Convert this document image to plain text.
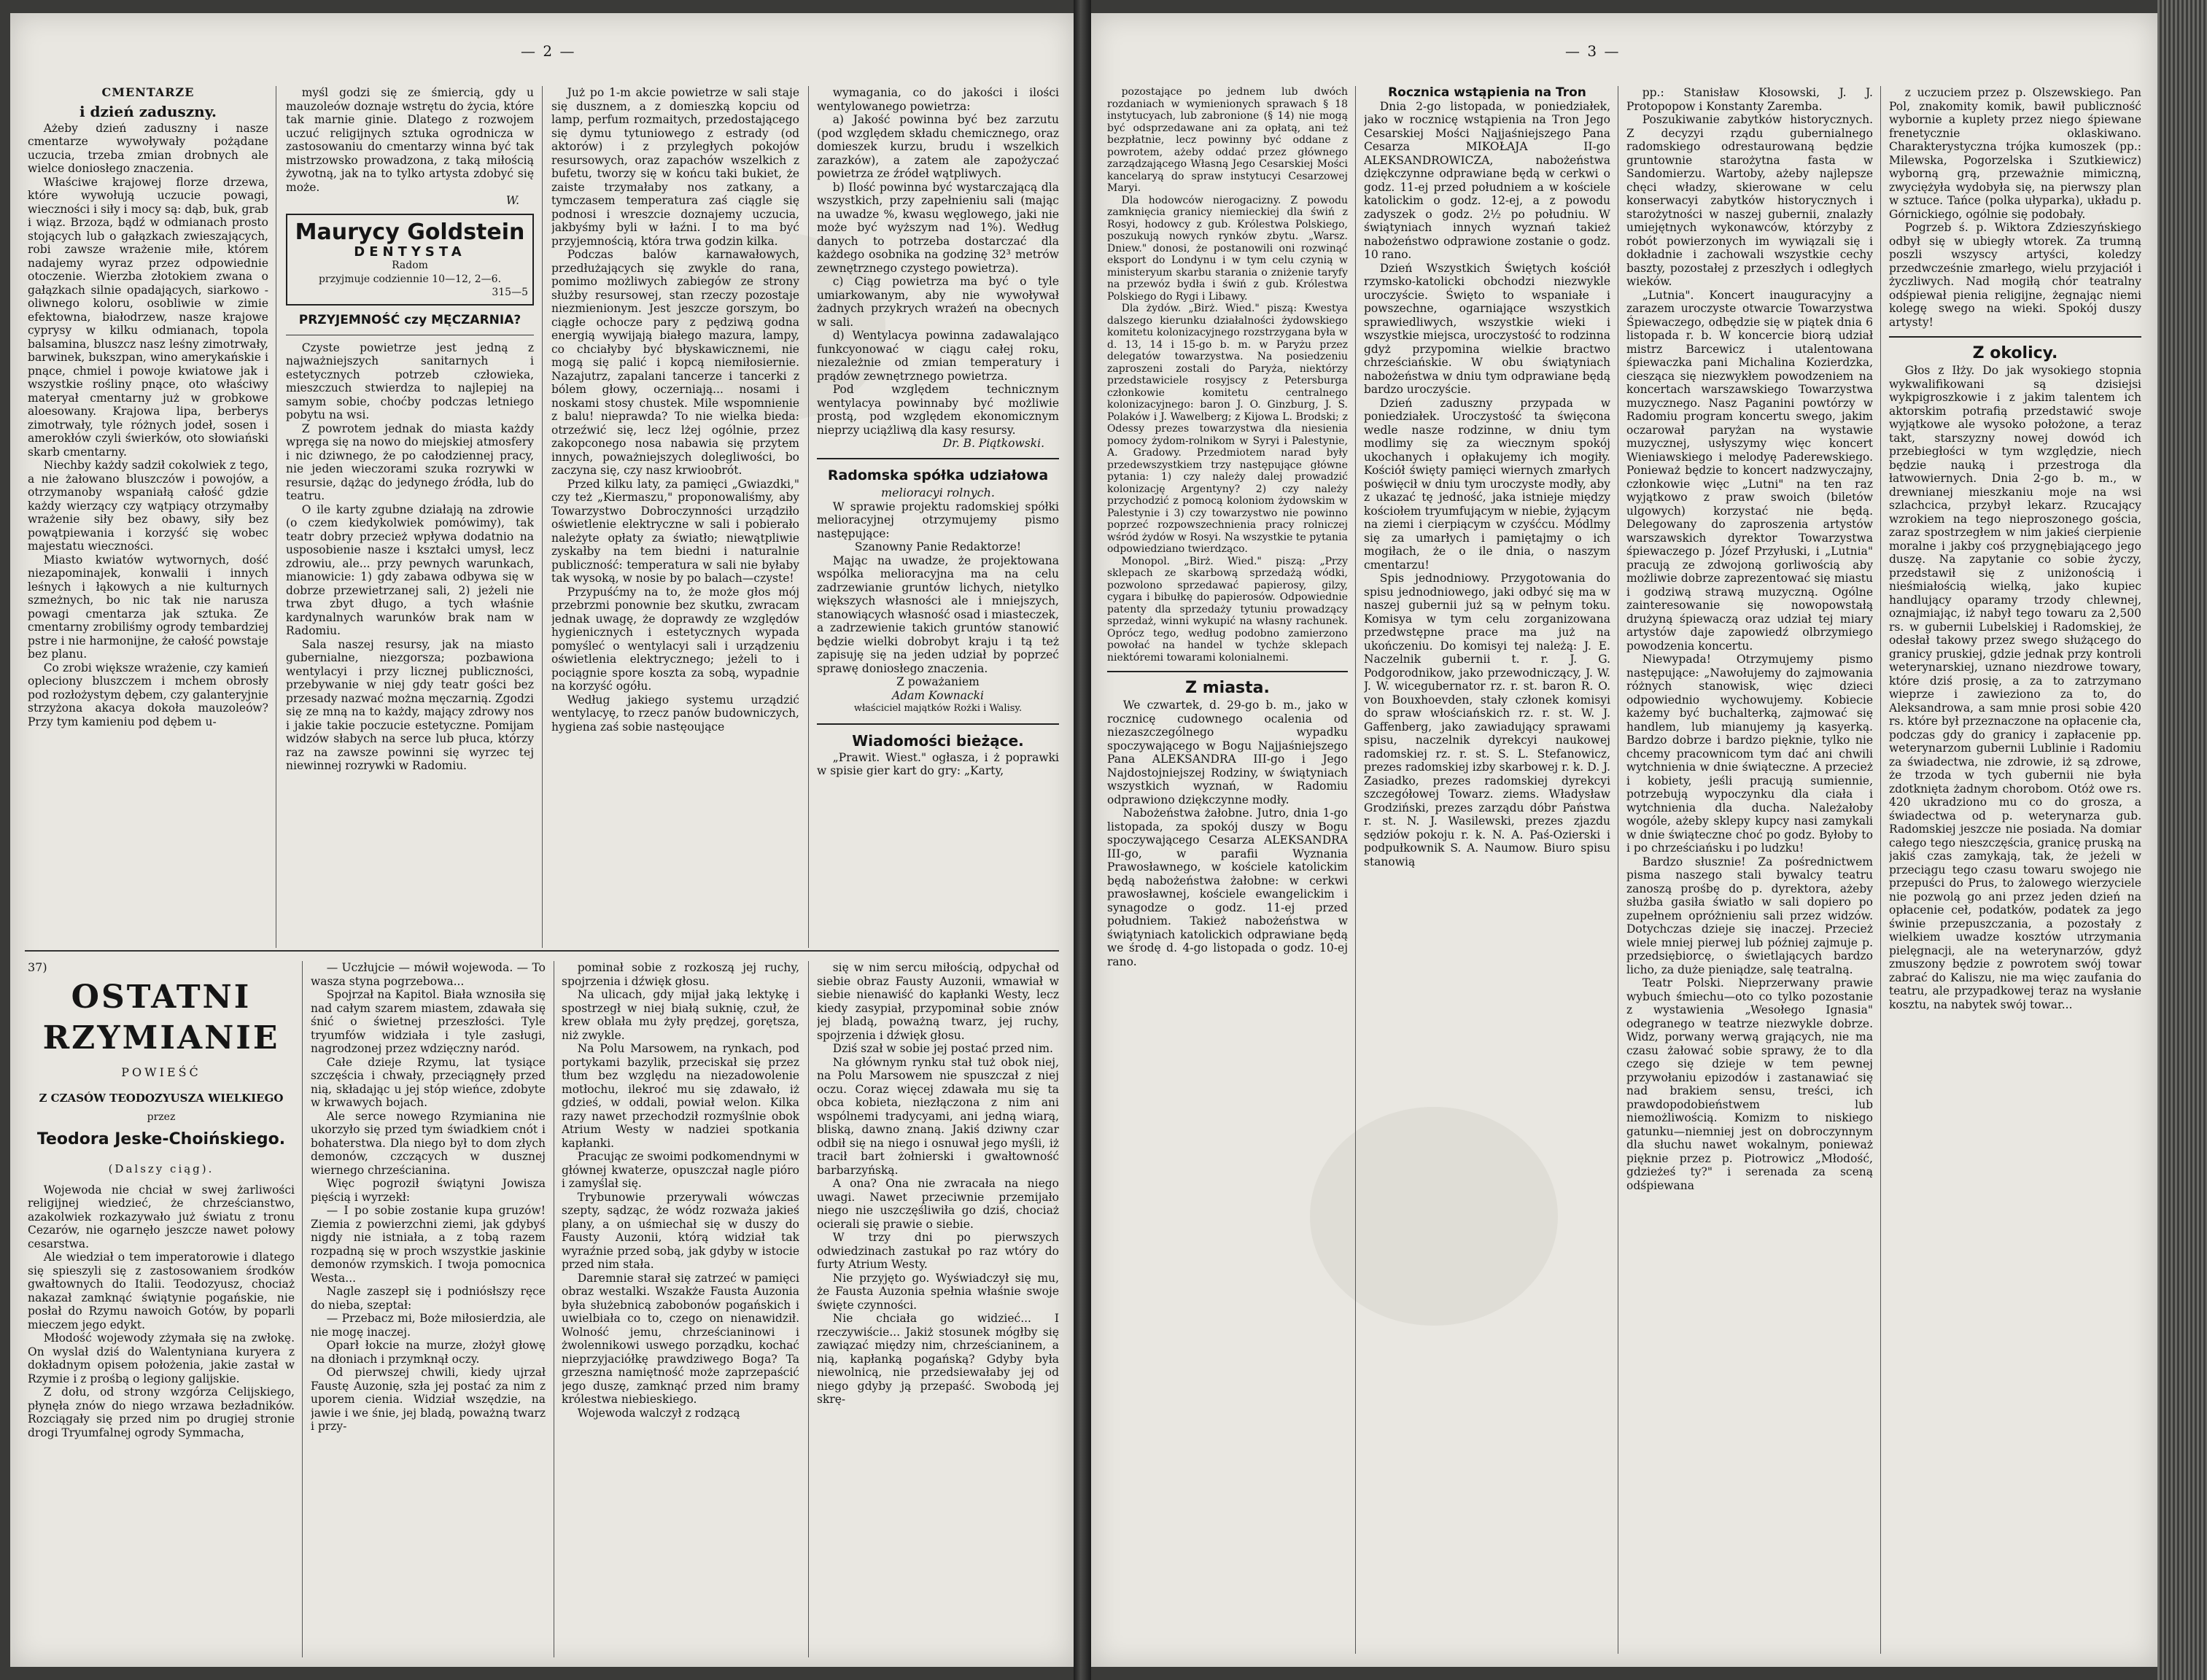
— 2 —
CMENTARZE
i dzień zaduszny.

Ażeby dzień zaduszny i nasze cmentarze wywoływały pożądane uczucia, trzeba zmian drobnych ale wielce doniosłego znaczenia.

Właściwe krajowej florze drzewa, które wywołują uczucie powagi, wieczności i siły i mocy są: dąb, buk, grab i wiąz. Brzoza, bądź w odmianach prosto stojących lub o gałązkach zwieszających, robi zawsze wrażenie miłe, którem nadajemy wyraz przez odpowiednie otoczenie. Wierzba złotokiem zwana o gałązkach silnie opadających, siarkowo - oliwnego koloru, osobliwie w zimie efektowna, białodrzew, nasze krajowe cyprysy w kilku odmianach, topola balsamina, bluszcz nasz leśny zimotrwały, barwinek, bukszpan, wino amerykańskie i pnące, chmiel i powoje kwiatowe jak i wszystkie rośliny pnące, oto właściwy materyał cmentarny już w grobkowe aloesowany. Krajowa lipa, berberys zimotrwały, tyle różnych jodeł, sosen i amerokłów czyli świerków, oto słowiański skarb cmentarny.

Niechby każdy sadził cokolwiek z tego, a nie żałowano bluszczów i powojów, a otrzymanoby wspaniałą całość gdzie każdy wierzący czy wątpiący otrzymałby wrażenie siły bez obawy, siły bez powątpiewania i korzyść się wobec majestatu wieczności.

Miasto kwiatów wytwornych, dość niezapominajek, konwalii i innych leśnych i łąkowych a nie kulturnych szmeżnych, bo nic tak nie narusza powagi cmentarza jak sztuka. Ze cmentarny zrobiliśmy ogrody tembardziej pstre i nie harmonijne, że całość powstaje bez planu.

Co zrobi większe wrażenie, czy kamień opleciony bluszczem i mchem obrosły pod rozłożystym dębem, czy galanteryjnie strzyżona akacya dokoła mauzoleów? Przy tym kamieniu pod dębem u-

myśl godzi się ze śmiercią, gdy u mauzoleów doznaje wstrętu do życia, które tak marnie ginie. Dlatego z rozwojem uczuć religijnych sztuka ogrodnicza w zastosowaniu do cmentarzy winna być tak mistrzowsko prowadzona, z taką miłością żywotną, jak na to tylko artysta zdobyć się może.

W.
Maurycy Goldstein
DENTYSTA
Radom
przyjmuje codziennie 10—12, 2—6.
315—5
PRZYJEMNOŚĆ czy MĘCZARNIA?

Czyste powietrze jest jedną z najważniejszych sanitarnych i estetycznych potrzeb człowieka, mieszczuch stwierdza to najlepiej na samym sobie, choćby podczas letniego pobytu na wsi.

Z powrotem jednak do miasta każdy wpręga się na nowo do miejskiej atmosfery i nic dziwnego, że po całodziennej pracy, nie jeden wieczorami szuka rozrywki w resursie, dążąc do jedynego źródła, lub do teatru.

O ile karty zgubne działają na zdrowie (o czem kiedykolwiek pomówimy), tak teatr dobry przecież wpływa dodatnio na usposobienie nasze i kształci umysł, lecz zdrowiu, ale... przy pewnych warunkach, mianowicie: 1) gdy zabawa odbywa się w dobrze przewietrzanej sali, 2) jeżeli nie trwa zbyt długo, a tych właśnie kardynalnych warunków brak nam w Radomiu.

Sala naszej resursy, jak na miasto gubernialne, niezgorsza; pozbawiona wentylacyi i przy licznej publiczności, przebywanie w niej gdy teatr gości bez przesady nazwać można męczarnią. Zgodzi się ze mną na to każdy, mający zdrowy nos i jakie takie poczucie estetyczne. Pomijam widzów słabych na serce lub płuca, którzy raz na zawsze powinni się wyrzec tej niewinnej rozrywki w Radomiu.

Już po 1-m akcie powietrze w sali staje się dusznem, a z domieszką kopciu od lamp, perfum rozmaitych, przedostającego się dymu tytuniowego z estrady (od aktorów) i z przyległych pokojów resursowych, oraz zapachów wszelkich z bufetu, tworzy się w końcu taki bukiet, że zaiste trzymałaby nos zatkany, a tymczasem temperatura zaś ciągle się podnosi i wreszcie doznajemy uczucia, jakbyśmy byli w łaźni. I to ma być przyjemnością, która trwa godzin kilka.

Podczas balów karnawałowych, przedłużających się zwykle do rana, pomimo możliwych zabiegów ze strony służby resursowej, stan rzeczy pozostaje niezmienionym. Jest jeszcze gorszym, bo ciągłe ochocze pary z pędziwą godna energią wywijają białego mazura, lampy, co chciałyby być błyskawicznemi, nie mogą się palić i kopcą niemiłosiernie. Nazajutrz, zapalani tancerze i tancerki z bólem głowy, oczerniają... nosami i noskami stosy chustek. Mile wspomnienie z balu! nieprawda? To nie wielka bieda: otrzeźwić się, lecz lżej ogólnie, przez zakopconego nosa nabawia się przytem innych, poważniejszych dolegliwości, bo zaczyna się, czy nasz krwioobrót.

Przed kilku laty, za pamięci „Gwiazdki," czy też „Kiermaszu," proponowaliśmy, aby Towarzystwo Dobroczynności urządziło oświetlenie elektryczne w sali i pobierało należyte opłaty za światło; niewątpliwie zyskałby na tem biedni i naturalnie publiczność: temperatura w sali nie byłaby tak wysoką, w nosie by po balach—czyste!

Przypuśćmy na to, że może głos mój przebrzmi ponownie bez skutku, zwracam jednak uwagę, że doprawdy ze względów hygienicznych i estetycznych wypada pomyśleć o wentylacyi sali i urządzeniu oświetlenia elektrycznego; jeżeli to i pociągnie spore koszta za sobą, wypadnie na korzyść ogółu.

Według jakiego systemu urządzić wentylacyę, to rzecz panów budowniczych, hygiena zaś sobie nastęoujące

wymagania, co do jakości i ilości wentylowanego powietrza:

a) Jakość powinna być bez zarzutu (pod względem składu chemicznego, oraz domieszek kurzu, brudu i wszelkich zarazków), a zatem ale zapożyczać powietrza ze źródeł wątpliwych.

b) Ilość powinna być wystarczającą dla wszystkich, przy zapełnieniu sali (mając na uwadze %, kwasu węglowego, jaki nie może być wyższym nad 1%). Według danych to potrzeba dostarczać dla każdego osobnika na godzinę 32³ metrów zewnętrznego czystego powietrza).

c) Ciąg powietrza ma być o tyle umiarkowanym, aby nie wywoływał żadnych przykrych wrażeń na obecnych w sali.

d) Wentylacya powinna zadawalająco funkcyonować w ciągu całej roku, niezależnie od zmian temperatury i prądów zewnętrznego powietrza.

Pod względem technicznym wentylacya powinnaby być możliwie prostą, pod względem ekonomicznym nieprzy uciążliwą dla kasy resursy.

Dr. B. Piątkowski.
Radomska spółka udziałowa
melioracyi rolnych.

W sprawie projektu radomskiej spółki melioracyjnej otrzymujemy pismo następujące:

Szanowny Panie Redaktorze!

Mając na uwadze, że projektowana wspólka melioracyjna ma na celu zadrzewianie gruntów lichych, nietylko większych własności ale i mniejszych, stanowiących własność osad i miasteczek, a zadrzewienie takich gruntów stanowić będzie wielki dobrobyt kraju i tą też zapisuję się na jeden udział by poprzeć sprawę doniosłego znaczenia.

Z poważaniem

Adam Kownacki

właściciel majątków Rożki i Walisy.

Wiadomości bieżące.

„Prawit. Wiest." ogłasza, i ż poprawki w spisie gier kart do gry: „Karty,

37)
OSTATNI RZYMIANIE
POWIEŚĆ
Z CZASÓW TEODOZYUSZA WIELKIEGO
przez
Teodora Jeske-Choińskiego.
(Dalszy ciąg).

Wojewoda nie chciał w swej żarliwości religijnej wiedzieć, że chrześcianstwo, azakolwiek rozkazywało już światu z tronu Cezarów, nie ogarnęło jeszcze nawet połowy cesarstwa.

Ale wiedział o tem imperatorowie i dlatego się spieszyli się z zastosowaniem środków gwałtownych do Italii. Teodozyusz, chociaż nakazał zamknąć świątynie pogańskie, nie posłał do Rzymu nawoich Gotów, by poparli mieczem jego edykt.

Młodość wojewody zżymała się na zwłokę. On wyslał dziś do Walentyniana kuryera z dokładnym opisem położenia, jakie zastał w Rzymie i z prośbą o legiony galijskie.

Z dołu, od strony wzgórza Celijskiego, płynęła znów do niego wrzawa bezładników. Rozciągały się przed nim po drugiej stronie drogi Tryumfalnej ogrody Symmacha,

— Uczłujcie — mówił wojewoda. — To wasza styna pogrzebowa...

Spojrzał na Kapitol. Biała wznosiła się nad całym szarem miastem, zdawała się śnić o świetnej przeszłości. Tyle tryumfów widziała i tyle zasługi, nagrodzonej przez wdzięczny naród.

Całe dzieje Rzymu, lat tysiące szczęścia i chwały, przeciągnęły przed nią, składając u jej stóp wieńce, zdobyte w krwawych bojach.

Ale serce nowego Rzymianina nie ukorzyło się przed tym świadkiem cnót i bohaterstwa. Dla niego był to dom złych demonów, czczących w dusznej wiernego chrześcianina.

Więc pogroził świątyni Jowisza pięścią i wyrzekł:

— I po sobie zostanie kupa gruzów! Ziemia z powierzchni ziemi, jak gdybyś nigdy nie istniała, a z tobą razem rozpadną się w proch wszystkie jaskinie demonów rzymskich. I twoja pomocnica Westa...

Nagle zaszepł się i podniósłszy ręce do nieba, szeptał:

— Przebacz mi, Boże miłosierdzia, ale nie mogę inaczej.

Oparł łokcie na murze, złożył głowę na dłoniach i przymknął oczy.

Od pierwszej chwili, kiedy ujrzał Faustę Auzonię, szła jej postać za nim z uporem cienia. Widział wszędzie, na jawie i we śnie, jej bladą, poważną twarz i przy-

pominał sobie z rozkoszą jej ruchy, spojrzenia i dźwięk głosu.

Na ulicach, gdy mijał jaką lektykę i spostrzegł w niej białą suknię, czuł, że krew oblała mu żyły prędzej, gorętsza, niż zwykle.

Na Polu Marsowem, na rynkach, pod portykami bazylik, przeciskał się przez tłum bez względu na niezadowolenie motłochu, ilekroć mu się zdawało, iż gdzieś, w oddali, powiał welon. Kilka razy nawet przechodził rozmyślnie obok Atrium Westy w nadziei spotkania kapłanki.

Pracując ze swoimi podkomendnymi w głównej kwaterze, opuszczał nagle pióro i zamyślał się.

Trybunowie przerywali wówczas szepty, sądząc, że wódz rozważa jakieś plany, a on uśmiechał się w duszy do Fausty Auzonii, którą widział tak wyraźnie przed sobą, jak gdyby w istocie przed nim stała.

Daremnie starał się zatrzeć w pamięci obraz westalki. Wszakże Fausta Auzonia była służebnicą zabobonów pogańskich i uwielbiała co to, czego on nienawidził. Wolność jemu, chrześcianinowi i żwolennikowi uswego porządku, kochać nieprzyjaciółkę prawdziwego Boga? Ta grzeszna namiętność może zaprzepaścić jego duszę, zamknąć przed nim bramy królestwa niebieskiego.

Wojewoda walczył z rodzącą

się w nim sercu miłością, odpychał od siebie obraz Fausty Auzonii, wmawiał w siebie nienawiść do kapłanki Westy, lecz kiedy zasypiał, przypominał sobie znów jej bladą, poważną twarz, jej ruchy, spojrzenia i dźwięk głosu.

Dziś szał w sobie jej postać przed nim.

Na głównym rynku stał tuż obok niej, na Polu Marsowem nie spuszczał z niej oczu. Coraz więcej zdawała mu się ta obca kobieta, niezłączona z nim ani wspólnemi tradycyami, ani jedną wiarą, bliską, dawno znaną. Jakiś dziwny czar odbił się na niego i osnuwał jego myśli, iż tracił bart żołnierski i gwałtowność barbarzyńską.

A ona? Ona nie zwracała na niego uwagi. Nawet przeciwnie przemijało niego nie uszczęśliwiła go dziś, chociaż ocierali się prawie o siebie.

W trzy dni po pierwszych odwiedzinach zastukał po raz wtóry do furty Atrium Westy.

Nie przyjęto go. Wyświadczył się mu, że Fausta Auzonia spełnia właśnie swoje święte czynności.

Nie chciała go widzieć... I rzeczywiście... Jakiż stosunek mógłby się zawiązać między nim, chrześcianinem, a nią, kapłanką pogańską? Gdyby była niewolnicą, nie przedsiewałaby jej od niego gdyby ją przepaść. Swobodą jej skrę-

— 3 —

pozostające po jednem lub dwóch rozdaniach w wymienionych sprawach § 18 instytucyach, lub zabronione (§ 14) nie mogą być odsprzedawane ani za opłatą, ani też bezpłatnie, lecz powinny być oddane z powrotem, ażeby oddać przez głównego zarządzającego Własną Jego Cesarskiej Mości kancelaryą do spraw instytucyi Cesarzowej Maryi.

Dla hodowców nierogacizny. Z powodu zamknięcia granicy niemieckiej dla świń z Rosyi, hodowcy z gub. Królestwa Polskiego, poszukują nowych rynków zbytu. „Warsz. Dniew." donosi, że postanowili oni rozwinąć eksport do Londynu i w tym celu czynią w ministeryum skarbu starania o zniżenie taryfy na przewóz bydła i świń z gub. Królestwa Polskiego do Rygi i Libawy.

Dla żydów. „Birż. Wied." piszą: Kwestya dalszego kierunku działalności żydowskiego komitetu kolonizacyjnego rozstrzygana była w d. 13, 14 i 15-go b. m. w Paryżu przez delegatów towarzystwa. Na posiedzeniu zaproszeni zostali do Paryża, niektórzy przedstawiciele rosyjscy z Petersburga członkowie komitetu centralnego kolonizacyjnego: baron J. O. Ginzburg, J. S. Polaków i J. Wawelberg; z Kijowa L. Brodski; z Odessy prezes towarzystwa dla niesienia pomocy żydom-rolnikom w Syryi i Palestynie, A. Gradowy. Przedmiotem narad były przedewszystkiem trzy następujące główne pytania: 1) czy należy dalej prowadzić kolonizację Argentyny? 2) czy należy przychodzić z pomocą koloniom żydowskim w Palestynie i 3) czy towarzystwo nie powinno poprzeć rozpowszechnienia pracy rolniczej wśród żydów w Rosyi. Na wszystkie te pytania odpowiedziano twierdząco.

Monopol. „Birż. Wied." piszą: „Przy sklepach ze skarbową sprzedażą wódki, pozwolono sprzedawać papierosy, gilzy, cygara i bibułkę do papierosów. Odpowiednie patenty dla sprzedaży tytuniu prowadzący sprzedaż, winni wykupić na własny rachunek. Oprócz tego, według podobno zamierzono powołać na handel w tychże sklepach niektóremi towarami kolonialnemi.

Z miasta.

We czwartek, d. 29-go b. m., jako w rocznicę cudownego ocalenia od niezaszczególnego wypadku spoczywającego w Bogu Najjaśniejszego Pana ALEKSANDRA III-go i Jego Najdostojniejszej Rodziny, w świątyniach wszystkich wyznań, w Radomiu odprawiono dziękczynne modły.

Nabożeństwa żałobne. Jutro, dnia 1-go listopada, za spokój duszy w Bogu spoczywającego Cesarza ALEKSANDRA III-go, w parafii Wyznania Prawosławnego, w kościele katolickim będą nabożeństwa żałobne: w cerkwi prawosławnej, kościele ewangelickim i synagodze o godz. 11-ej przed południem. Takież nabożeństwa w świątyniach katolickich odprawiane będą we środę d. 4-go listopada o godz. 10-ej rano.

Rocznica wstąpienia na Tron

Dnia 2-go listopada, w poniedziałek, jako w rocznicę wstąpienia na Tron Jego Cesarskiej Mości Najjaśniejszego Pana Cesarza MIKOŁAJA II-go ALEKSANDROWICZA, nabożeństwa dziękczynne odprawiane będą w cerkwi o godz. 11-ej przed południem a w kościele katolickim o godz. 12-ej, a z powodu zadyszek o godz. 2½ po południu. W świątyniach innych wyznań takież nabożeństwo odprawione zostanie o godz. 10 rano.

Dzień Wszystkich Świętych kościół rzymsko-katolicki obchodzi niezwykle uroczyście. Święto to wspaniałe i powszechne, ogarniające wszystkich sprawiedliwych, wszystkie wieki i wszystkie miejsca, uroczystość to rodzinna gdyż przypomina wielkie bractwo chrześciańskie. W obu świątyniach nabożeństwa w dniu tym odprawiane będą bardzo uroczyście.

Dzień zaduszny przypada w poniedziałek. Uroczystość ta święcona wedle nasze rodzinne, w dniu tym modlimy się za wiecznym spokój ukochanych i opłakujemy ich mogiły. Kościół święty pamięci wiernych zmarłych poświęcił w dniu tym uroczyste modły, aby z ukazać tę jedność, jaka istnieje między kościołem tryumfującym w niebie, żyjącym na ziemi i cierpiącym w czyśćcu. Módlmy się za umarłych i pamiętajmy o ich mogiłach, że o ile dnia, o naszym cmentarzu!

Spis jednodniowy. Przygotowania do spisu jednodniowego, jaki odbyć się ma w naszej gubernii już są w pełnym toku. Komisya w tym celu zorganizowana przedwstępne prace ma już na ukończeniu. Do komisyi tej należą: J. E. Naczelnik gubernii t. r. J. G. Podgorodnikow, jako przewodniczący, J. W. J. W. wicegubernator rz. r. st. baron R. O. von Bouxhoevden, stały członek komisyi do spraw włościańskich rz. r. st. W. J. Gaffenberg, jako zawiadujący sprawami spisu, naczelnik dyrekcyi naukowej radomskiej rz. r. st. S. L. Stefanowicz, prezes radomskiej izby skarbowej r. k. D. J. Zasiadko, prezes radomskiej dyrekcyi szczegółowej Towarz. ziems. Władysław Grodziński, prezes zarządu dóbr Państwa r. st. N. J. Wasilewski, prezes zjazdu sędziów pokoju r. k. N. A. Paś-Ozierski i podpułkownik S. A. Naumow. Biuro spisu stanowią

pp.: Stanisław Kłosowski, J. J. Protopopow i Konstanty Zaremba.

Poszukiwanie zabytków historycznych. Z decyzyi rządu gubernialnego radomskiego odrestaurowaną będzie gruntownie starożytna fasta w Sandomierzu. Wartoby, ażeby najlepsze chęci władzy, skierowane w celu konserwacyi zabytków historycznych i starożytności w naszej gubernii, znalazły umiejętnych wykonawców, którzyby z robót powierzonych im wywiązali się i dokładnie i zachowali wszystkie cechy baszty, pozostałej z przeszłych i odległych wieków.

„Lutnia". Koncert inauguracyjny a zarazem uroczyste otwarcie Towarzystwa Śpiewaczego, odbędzie się w piątek dnia 6 listopada r. b. W koncercie biorą udział mistrz Barcewicz i utalentowana śpiewaczka pani Michalina Kozierdzka, ciesząca się niezwykłem powodzeniem na koncertach warszawskiego Towarzystwa muzycznego. Nasz Paganini powtórzy w Radomiu program koncertu swego, jakim oczarował paryżan na wystawie muzycznej, usłyszymy więc koncert Wieniawskiego i melodyę Paderewskiego. Ponieważ będzie to koncert nadzwyczajny, członkowie więc „Lutni" na ten raz wyjątkowo z praw swoich (biletów ulgowych) korzystać nie będą. Delegowany do zaproszenia artystów warszawskich dyrektor Towarzystwa śpiewaczego p. Józef Przyłuski, i „Lutnia" pracują ze zdwojoną gorliwością aby możliwie dobrze zaprezentować się miastu i godziwą strawą muzyczną. Ogólne zainteresowanie się nowopowstałą drużyną śpiewaczą oraz udział tej miary artystów daje zapowiedź olbrzymiego powodzenia koncertu.

Niewypada! Otrzymujemy pismo następujące: „Nawołujemy do zajmowania różnych stanowisk, więc dzieci odpowiednio wychowujemy. Kobiecie każemy być buchalterką, zajmować się handlem, lub mianujemy ją kasyerką. Bardzo dobrze i bardzo pięknie, tylko nie chcemy pracownicom tym dać ani chwili wytchnienia w dnie świąteczne. A przecież i kobiety, jeśli pracują sumiennie, potrzebują wypoczynku dla ciała i wytchnienia dla ducha. Należałoby wogóle, ażeby sklepy kupcy nasi zamykali w dnie świąteczne choć po godz. Byłoby to i po chrześciańsku i po ludzku!

Bardzo słusznie! Za pośrednictwem pisma naszego stali bywalcy teatru zanoszą prośbę do p. dyrektora, ażeby służba gasiła światło w sali dopiero po zupełnem opróżnieniu sali przez widzów. Dotychczas dzieje się inaczej. Przecież wiele mniej pierwej lub później zajmuje p. przedsiębiorcę, o świetlających bardzo licho, za duże pieniądze, salę teatralną.

Teatr Polski. Nieprzerwany prawie wybuch śmiechu—oto co tylko pozostanie z wystawienia „Wesołego Ignasia" odegranego w teatrze niezwykle dobrze. Widz, porwany werwą grających, nie ma czasu żałować sobie sprawy, że to dla czego się dzieje w tem pewnej przywołaniu epizodów i zastanawiać się nad brakiem sensu, treści, ich prawdopodobieństwem lub niemożliwością. Komizm to niskiego gatunku—niemniej jest on dobroczynnym dla słuchu nawet wokalnym, ponieważ pięknie przez p. Piotrowicz „Młodość, gdzieżeś ty?" i serenada za sceną odśpiewana

z uczuciem przez p. Olszewskiego. Pan Pol, znakomity komik, bawił publiczność wybornie a kuplety przez niego śpiewane frenetycznie oklaskiwano. Charakterystyczna trójka kumoszek (pp.: Milewska, Pogorzelska i Szutkiewicz) wyborną grą, przeważnie mimiczną, zwyciężyła wydobyła się, na pierwszy plan w sztuce. Tańce (polka ułyparka), układu p. Górnickiego, ogólnie się podobały.

Pogrzeb ś. p. Wiktora Zdzieszyńskiego odbył się w ubiegły wtorek. Za trumną poszli wszyscy artyści, koledzy przedwcześnie zmarłego, wielu przyjaciół i życzliwych. Nad mogiłą chór teatralny odśpiewał pienia religijne, żegnając niemi kolegę swego na wieki. Spokój duszy artysty!

Z okolicy.

Głos z Iłży. Do jak wysokiego stopnia wykwalifikowani są dzisiejsi wykpigroszkowie i z jakim talentem ich aktorskim potrafią przedstawić swoje wyjątkowe ale wysoko położone, a teraz takt, starszyzny nowej dowód ich przebiegłości w tym względzie, niech będzie nauką i przestroga dla łatwowiernych. Dnia 2-go b. m., w drewnianej mieszkaniu moje na wsi szlachcica, przybył lekarz. Rzucający wzrokiem na tego nieproszonego gościa, zaraz spostrzegłem w nim jakieś cierpienie moralne i jakby coś przygnębiającego jego duszę. Na zapytanie co sobie życzy, przedstawił się z uniżonością i nieśmiałością wielką, jako kupiec handlujący oparamy trzody chlewnej, oznajmiając, iż nabył tego towaru za 2,500 rs. w gubernii Lubelskiej i Radomskiej, że odesłał takowy przez swego służącego do granicy pruskiej, gdzie jednak przy kontroli weterynarskiej, uznano niezdrowe towary, które dziś prosię, a za to zatrzymano wieprze i zawieziono za to, do Aleksandrowa, a sam mnie prosi sobie 420 rs. które był przeznaczone na opłacenie cła, podczas gdy do granicy i zapłacenie pp. weterynarzom gubernii Lublinie i Radomiu za świadectwa, nie zdrowie, iż są zdrowe, że trzoda w tych gubernii nie była zdotknięta żadnym chorobom. Otóż owe rs. 420 ukradziono mu co do grosza, a świadectwa od p. weterynarza gub. Radomskiej jeszcze nie posiada. Na domiar całego tego nieszczęścia, granicę pruską na jakiś czas zamykają, tak, że jeżeli w przeciągu tego czasu towaru swojego nie przepuści do Prus, to żalowego wierzyciele nie pozwolą go ani przez jeden dzień na opłacenie ceł, podatków, podatek za jego świnie przepuszczania, a pozostały z wielkiem uwadze kosztów utrzymania pielęgnacji, ale na weterynarzów, gdyż zmuszony będzie z powrotem swój towar zabrać do Kaliszu, nie ma więc zaufania do teatru, ale przypadkowej teraz na wysłanie kosztu, na nabytek swój towar...
